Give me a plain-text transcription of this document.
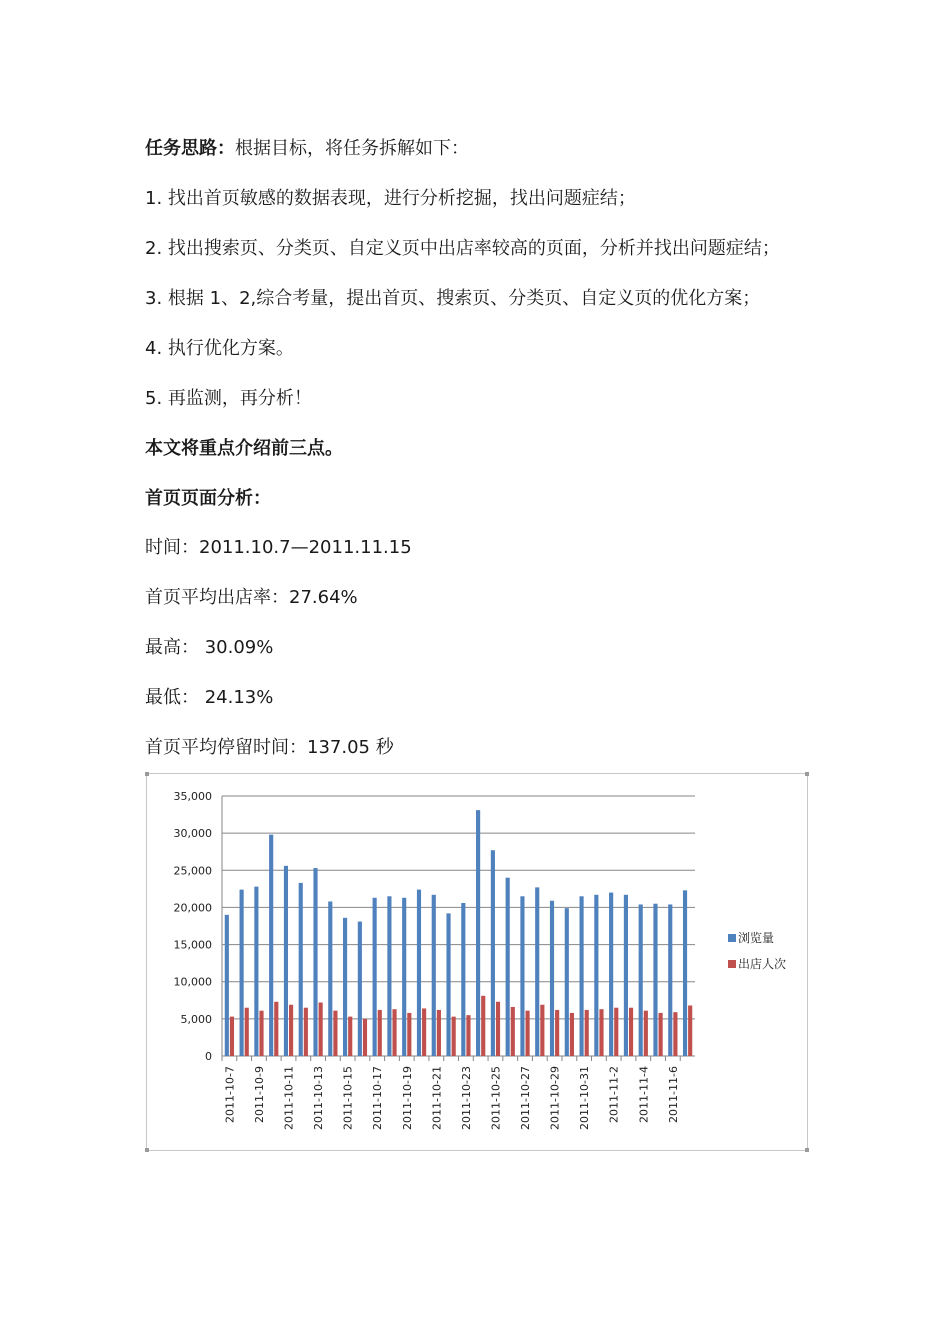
任务思路：根据目标，将任务拆解如下：
1. 找出首页敏感的数据表现，进行分析挖掘，找出问题症结；
2. 找出搜索页、分类页、自定义页中出店率较高的页面，分析并找出问题症结；
3. 根据 1、2,综合考量，提出首页、搜索页、分类页、自定义页的优化方案；
4. 执行优化方案。
5. 再监测，再分析！
本文将重点介绍前三点。
首页页面分析：
时间：2011.10.7—2011.11.15
首页平均出店率：27.64%
最高： 30.09%
最低： 24.13%
首页平均停留时间：137.05 秒
35,000
30,000
25,000
20,000
15,000
10,000
5,000
0
2011-10-7 2011-10-9 2011-10-11 2011-10-13 2011-10-15 2011-10-17 2011-10-19 2011-10-21 2011-10-23 2011-10-25 2011-10-27 2011-10-29 2011-10-31 2011-11-2 2011-11-4 2011-11-6
浏览量
出店人次
